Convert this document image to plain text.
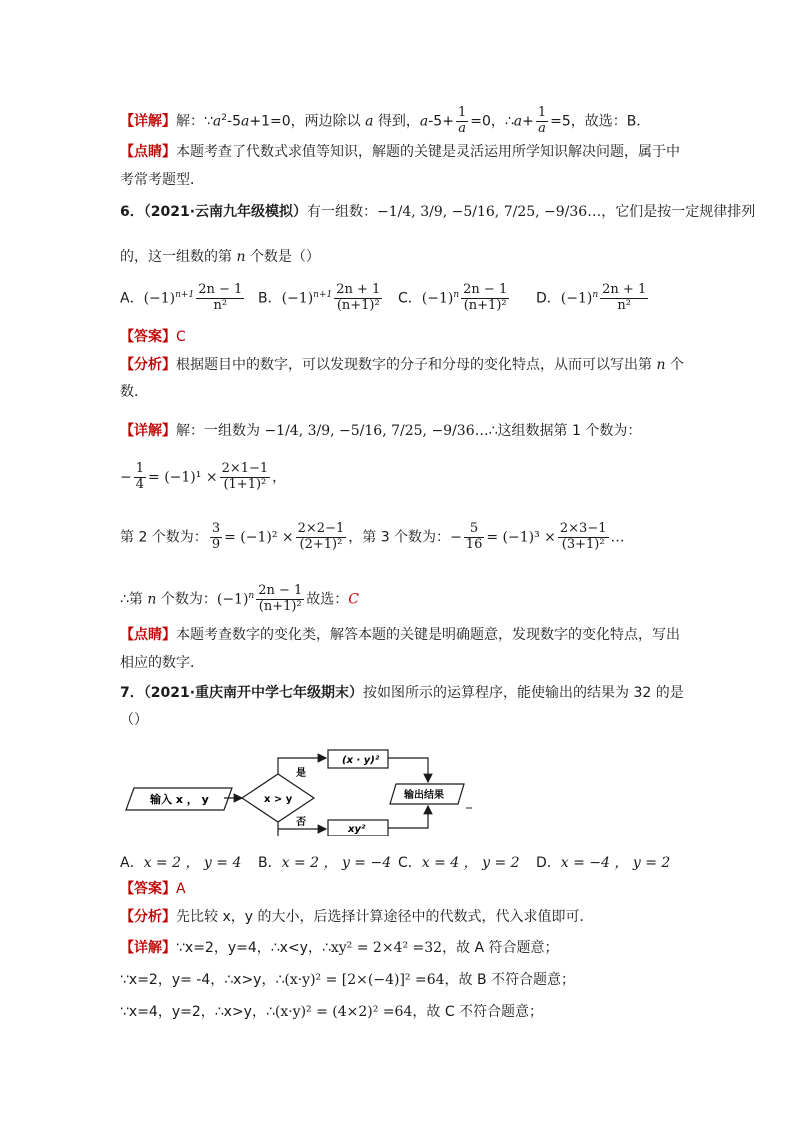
【详解】解：$\because a^2-5a+1=0$，两边除以 a 得到，$a-5+ \frac{1}{a} =0$，∴a+ $\frac{1}{a} =5$，故选：B．
【点睛】本题考查了代数式求值等知识，解题的关键是灵活运用所学知识解决问题，属于中
考常考题型．
6．（2021·云南九年级模拟）有一组数：−1/4, 3/9, −5/16, 7/25, −9/36…，它们是按一定规律排列
的，这一组数的第 n 个数是（）
A．$(-1)^{n+1} \frac{2n - 1}{\text{n²}}$ B．$(-1)^{n+1} \frac{2n + 1}{\text{(n+1)²}}$ C．$(-1)^n \frac{2n - 1}{\text{(n+1)²}}$ D．$(-1)^n \frac{2n + 1}{\text{n²}}$
【答案】C
【分析】根据题目中的数字，可以发现数字的分子和分母的变化特点，从而可以写出第 n 个
数．
【详解】解：一组数为 −1/4, 3/9, −5/16, 7/25, −9/36…∴这组数据第 1 个数为：
− $\frac{1}{4} = (-1)^1 \times \frac{2\times 1-1}{\text{(1+1)²}}$ ，
第 2 个数为： $\frac{3}{9} = (-1)^2 \times \frac{2\times 2-1}{\text{(2+1)²}}$ ，第 3 个数为：− $\frac{5}{16} = (-1)^3 \times \frac{2\times 3-1}{\text{(3+1)²}}$ …
∴第 n 个数为：$(-1)^n \frac{2n - 1}{\text{(n+1)²}}$ 故选：C
【点睛】本题考查数字的变化类，解答本题的关键是明确题意，发现数字的变化特点，写出
相应的数字．
7．（2021·重庆南开中学七年级期末）按如图所示的运算程序，能使输出的结果为 32 的是
（）
输入 x ， y	x > y
是
(x · y)²
否
xy²
输出结果
A．x = 2 ， y = 4 B．x = 2 ， y = −4 C．x = 4 ， y = 2 D．x = −4 ， y = 2
【答案】A
【分析】先比较 x，y 的大小，后选择计算途径中的代数式，代入求值即可．
【详解】∵x=2，y=4，∴x<y，∴xy² = 2×4² =32，故 A 符合题意；
∵x=2，y= -4，∴x>y，∴(x·y)² = [2×(−4)]² =64，故 B 不符合题意；
∵x=4，y=2，∴x>y，∴(x·y)² = (4×2)² =64，故 C 不符合题意；
